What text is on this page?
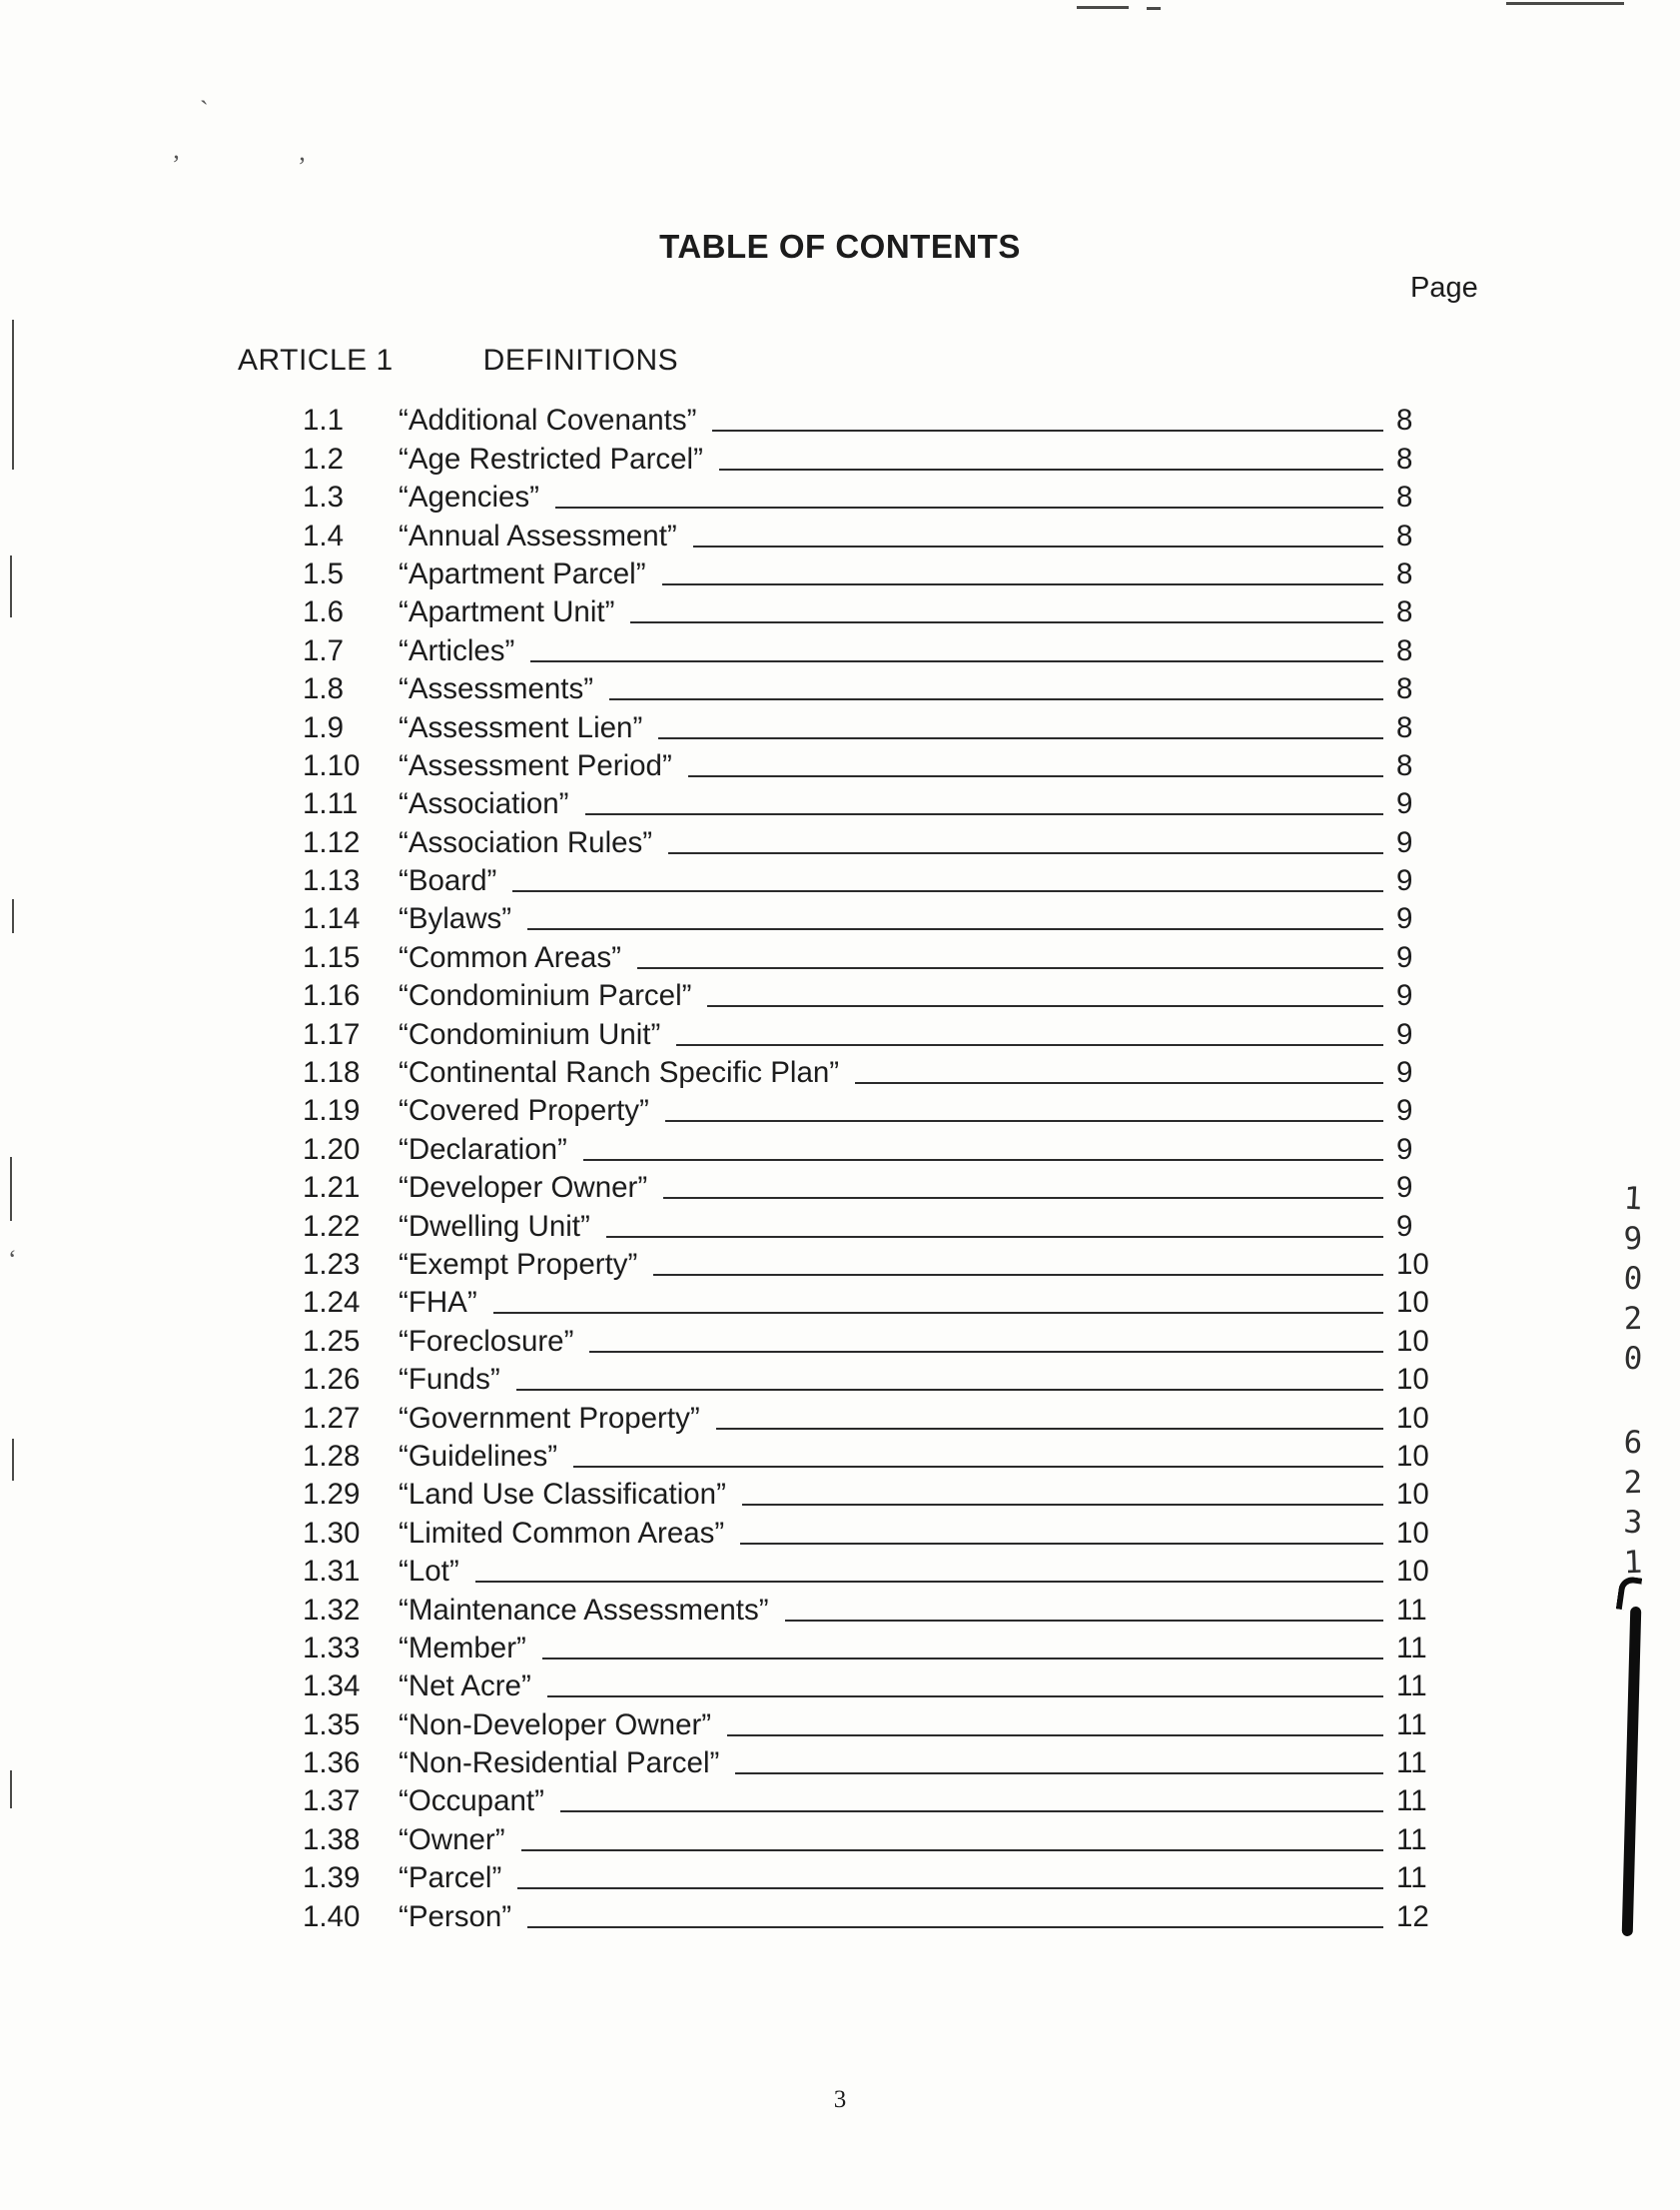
ˋ
’	’
ʻ
TABLE OF CONTENTS
Page
ARTICLE 1	DEFINITIONS
1.1	“Additional Covenants”	8
1.2	“Age Restricted Parcel”	8
1.3	“Agencies”	8
1.4	“Annual Assessment”	8
1.5	“Apartment Parcel”	8
1.6	“Apartment Unit”	8
1.7	“Articles”	8
1.8	“Assessments”	8
1.9	“Assessment Lien”	8
1.10	“Assessment Period”	8
1.11	“Association”	9
1.12	“Association Rules”	9
1.13	“Board”	9
1.14	“Bylaws”	9
1.15	“Common Areas”	9
1.16	“Condominium Parcel”	9
1.17	“Condominium Unit”	9
1.18	“Continental Ranch Specific Plan”	9
1.19	“Covered Property”	9
1.20	“Declaration”	9
1.21	“Developer Owner”	9
1.22	“Dwelling Unit”	9
1.23	“Exempt Property”	10
1.24	“FHA”	10
1.25	“Foreclosure”	10
1.26	“Funds”	10
1.27	“Government Property”	10
1.28	“Guidelines”	10
1.29	“Land Use Classification”	10
1.30	“Limited Common Areas”	10
1.31	“Lot”	10
1.32	“Maintenance Assessments”	11
1.33	“Member”	11
1.34	“Net Acre”	11
1.35	“Non-Developer Owner”	11
1.36	“Non-Residential Parcel”	11
1.37	“Occupant”	11
1.38	“Owner”	11
1.39	“Parcel”	11
1.40	“Person”	12
1
9
0
2
0
6
2
3
1
3
